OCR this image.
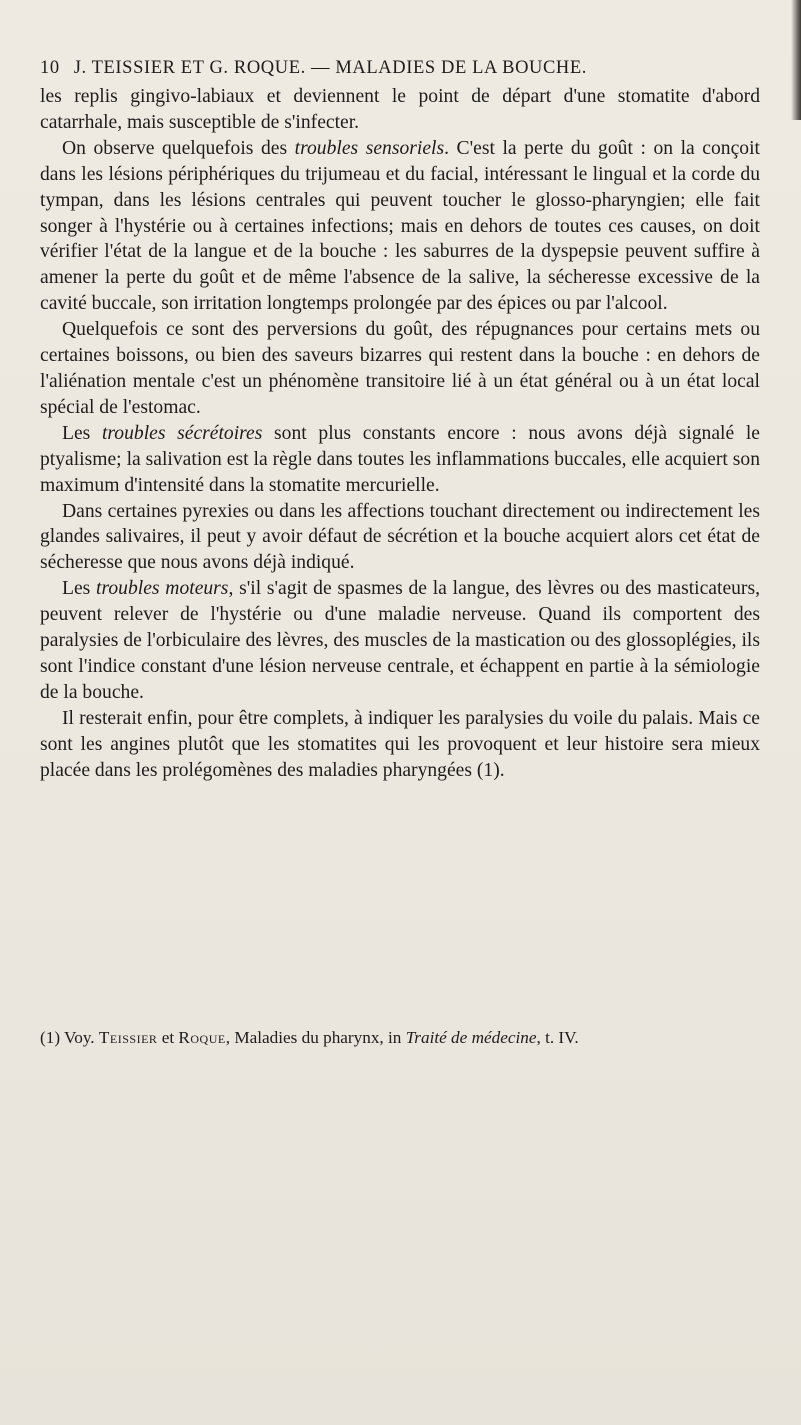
10 J. TEISSIER ET G. ROQUE. — MALADIES DE LA BOUCHE.

les replis gingivo-labiaux et deviennent le point de départ d'une stomatite d'abord catarrhale, mais susceptible de s'infecter.

On observe quelquefois des troubles sensoriels. C'est la perte du goût : on la conçoit dans les lésions périphériques du trijumeau et du facial, intéressant le lingual et la corde du tympan, dans les lésions centrales qui peuvent toucher le glosso-pharyngien; elle fait songer à l'hystérie ou à certaines infections; mais en dehors de toutes ces causes, on doit vérifier l'état de la langue et de la bouche : les saburres de la dyspepsie peuvent suffire à amener la perte du goût et de même l'absence de la salive, la sécheresse excessive de la cavité buccale, son irritation longtemps prolongée par des épices ou par l'alcool.

Quelquefois ce sont des perversions du goût, des répugnances pour certains mets ou certaines boissons, ou bien des saveurs bizarres qui restent dans la bouche : en dehors de l'aliénation mentale c'est un phénomène transitoire lié à un état général ou à un état local spécial de l'estomac.

Les troubles sécrétoires sont plus constants encore : nous avons déjà signalé le ptyalisme; la salivation est la règle dans toutes les inflammations buccales, elle acquiert son maximum d'intensité dans la stomatite mercurielle.

Dans certaines pyrexies ou dans les affections touchant directement ou indirectement les glandes salivaires, il peut y avoir défaut de sécrétion et la bouche acquiert alors cet état de sécheresse que nous avons déjà indiqué.

Les troubles moteurs, s'il s'agit de spasmes de la langue, des lèvres ou des masticateurs, peuvent relever de l'hystérie ou d'une maladie nerveuse. Quand ils comportent des paralysies de l'orbiculaire des lèvres, des muscles de la mastication ou des glossoplégies, ils sont l'indice constant d'une lésion nerveuse centrale, et échappent en partie à la sémiologie de la bouche.

Il resterait enfin, pour être complets, à indiquer les paralysies du voile du palais. Mais ce sont les angines plutôt que les stomatites qui les provoquent et leur histoire sera mieux placée dans les prolégomènes des maladies pharyngées (1).

(1) Voy. Teissier et Roque, Maladies du pharynx, in Traité de médecine, t. IV.
